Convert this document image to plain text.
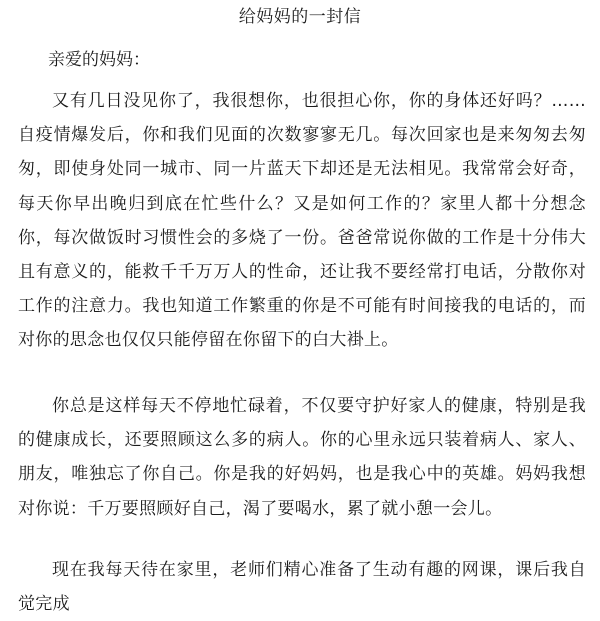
给妈妈的一封信
亲爱的妈妈：

又有几日没见你了，我很想你，也很担心你，你的身体还好吗？……自疫情爆发后，你和我们见面的次数寥寥无几。每次回家也是来匆匆去匆匆，即使身处同一城市、同一片蓝天下却还是无法相见。我常常会好奇，每天你早出晚归到底在忙些什么？又是如何工作的？家里人都十分想念你，每次做饭时习惯性会的多烧了一份。爸爸常说你做的工作是十分伟大且有意义的，能救千千万万人的性命，还让我不要经常打电话，分散你对工作的注意力。我也知道工作繁重的你是不可能有时间接我的电话的，而对你的思念也仅仅只能停留在你留下的白大褂上。

你总是这样每天不停地忙碌着，不仅要守护好家人的健康，特别是我的健康成长，还要照顾这么多的病人。你的心里永远只装着病人、家人、朋友，唯独忘了你自己。你是我的好妈妈，也是我心中的英雄。妈妈我想对你说：千万要照顾好自己，渴了要喝水，累了就小憩一会儿。

现在我每天待在家里，老师们精心准备了生动有趣的网课，课后我自觉完成
